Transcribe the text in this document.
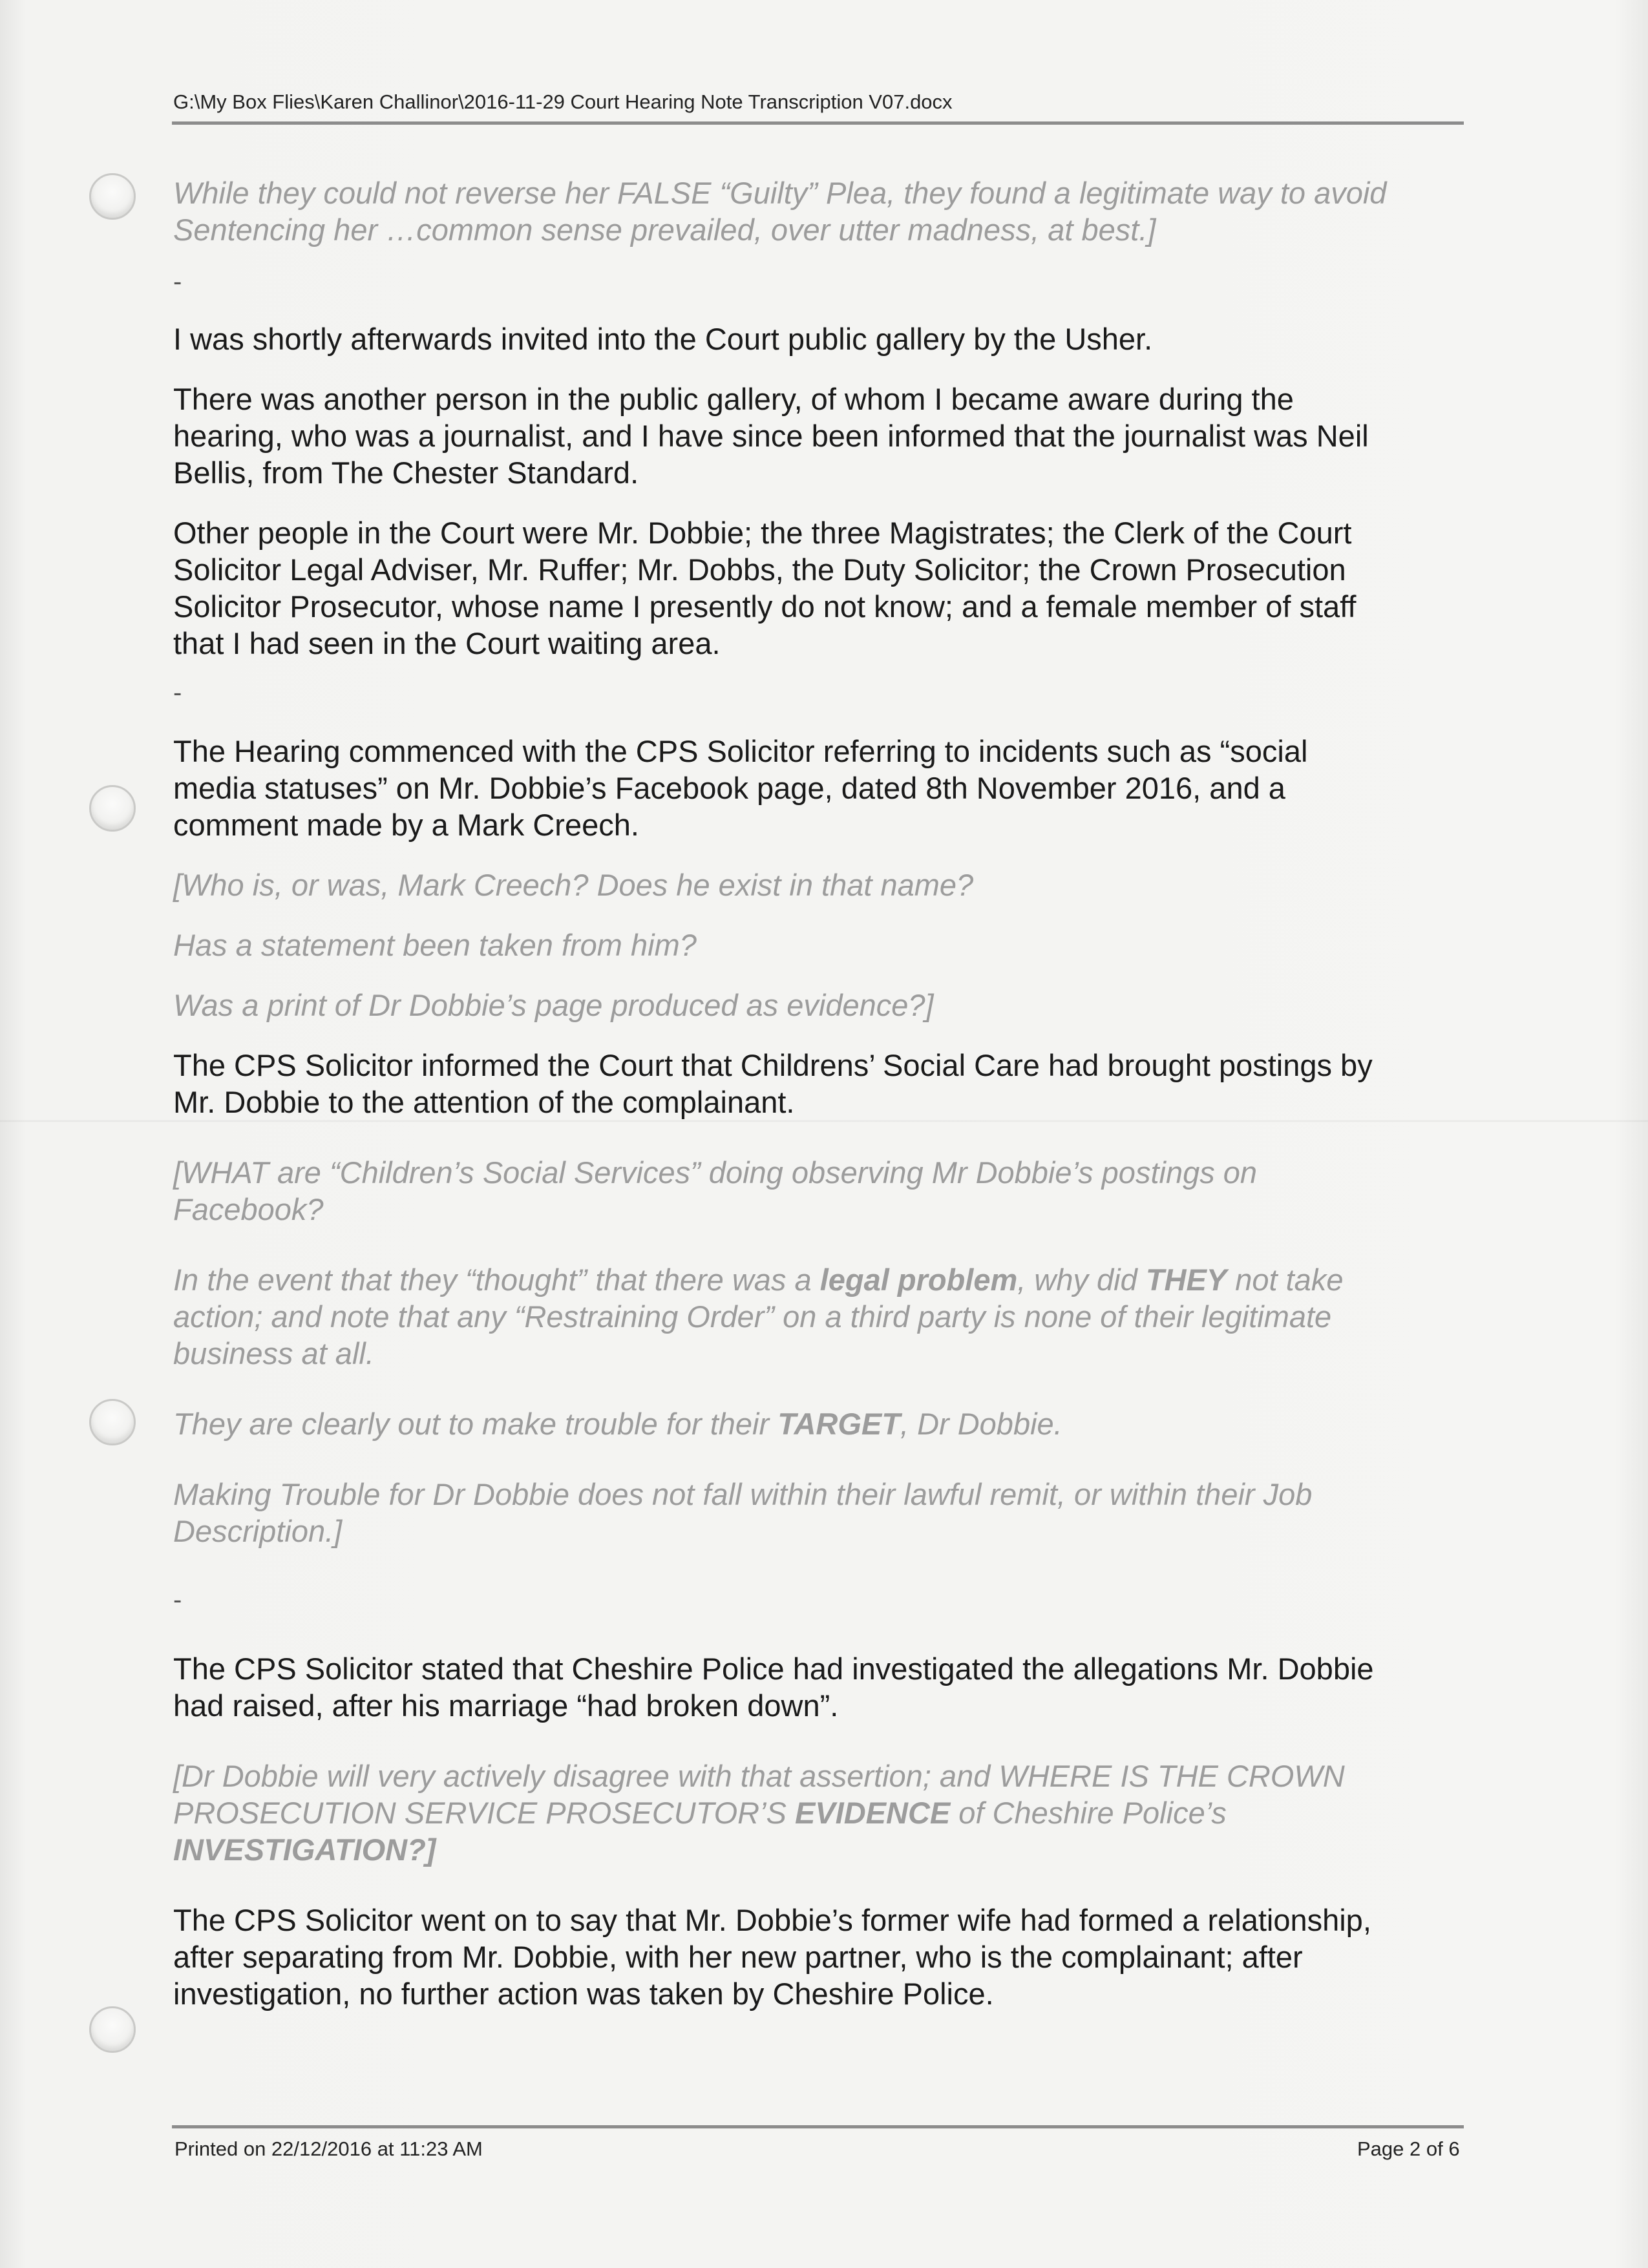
G:\My Box Flies\Karen Challinor\2016-11-29 Court Hearing Note Transcription V07.docx

While they could not reverse her FALSE “Guilty” Plea, they found a legitimate way to avoid

Sentencing her …common sense prevailed, over utter madness, at best.]

-

I was shortly afterwards invited into the Court public gallery by the Usher.

There was another person in the public gallery, of whom I became aware during the

hearing, who was a journalist, and I have since been informed that the journalist was Neil

Bellis, from The Chester Standard.

Other people in the Court were Mr. Dobbie; the three Magistrates; the Clerk of the Court

Solicitor Legal Adviser, Mr. Ruffer; Mr. Dobbs, the Duty Solicitor; the Crown Prosecution

Solicitor Prosecutor, whose name I presently do not know; and a female member of staff

that I had seen in the Court waiting area.

-

The Hearing commenced with the CPS Solicitor referring to incidents such as “social

media statuses” on Mr. Dobbie’s Facebook page, dated 8th November 2016, and a

comment made by a Mark Creech.

[Who is, or was, Mark Creech? Does he exist in that name?

Has a statement been taken from him?

Was a print of Dr Dobbie’s page produced as evidence?]

The CPS Solicitor informed the Court that Childrens’ Social Care had brought postings by

Mr. Dobbie to the attention of the complainant.

[WHAT are “Children’s Social Services” doing observing Mr Dobbie’s postings on

Facebook?

In the event that they “thought” that there was a legal problem, why did THEY not take

action; and note that any “Restraining Order” on a third party is none of their legitimate

business at all.

They are clearly out to make trouble for their TARGET, Dr Dobbie.

Making Trouble for Dr Dobbie does not fall within their lawful remit, or within their Job

Description.]

-

The CPS Solicitor stated that Cheshire Police had investigated the allegations Mr. Dobbie

had raised, after his marriage “had broken down”.

[Dr Dobbie will very actively disagree with that assertion; and WHERE IS THE CROWN

PROSECUTION SERVICE PROSECUTOR’S EVIDENCE of Cheshire Police’s

INVESTIGATION?]

The CPS Solicitor went on to say that Mr. Dobbie’s former wife had formed a relationship,

after separating from Mr. Dobbie, with her new partner, who is the complainant; after

investigation, no further action was taken by Cheshire Police.

Printed on 22/12/2016 at 11:23 AM	Page 2 of 6
